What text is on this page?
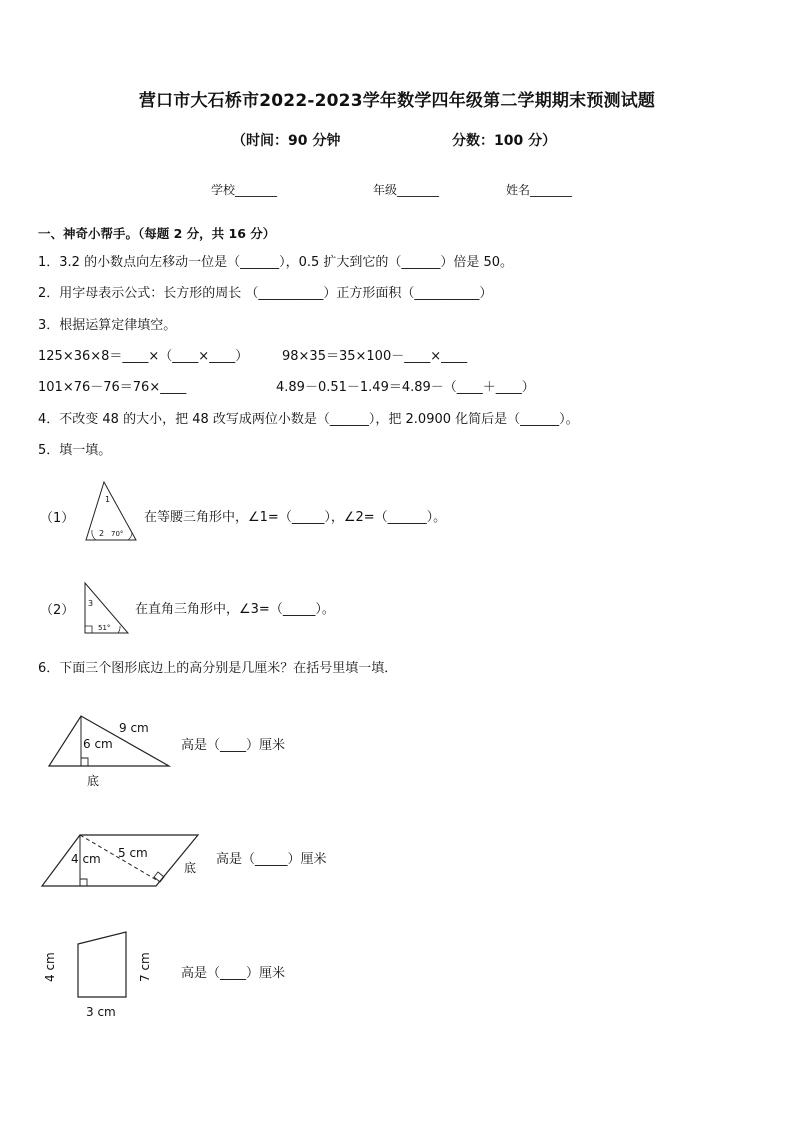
营口市大石桥市2022-2023学年数学四年级第二学期期末预测试题
（时间：90 分钟	分数：100 分）
学校_______	年级_______	姓名_______
一、神奇小帮手。（每题 2 分，共 16 分）
1．3.2 的小数点向左移动一位是（______），0.5 扩大到它的（______）倍是 50。
2．用字母表示公式：长方形的周长 （__________）正方形面积（__________）
3．根据运算定律填空。
125×36×8＝____×（____×____）	98×35＝35×100－____×____
101×76－76＝76×____	4.89－0.51－1.49＝4.89－（____＋____）
4．不改变 48 的大小，把 48 改写成两位小数是（______），把 2.0900 化简后是（______）。
5．填一填。
（1）
1
2 70°
在等腰三角形中，∠1=（_____），∠2=（______）。
（2） 3
51°
在直角三角形中，∠3=（_____）。
6．下面三个图形底边上的高分别是几厘米？在括号里填一填．
9 cm
6 cm
底
高是（____）厘米
4 cm 5 cm
底
高是（_____）厘米
4 cm	7 cm
3 cm
高是（____）厘米
